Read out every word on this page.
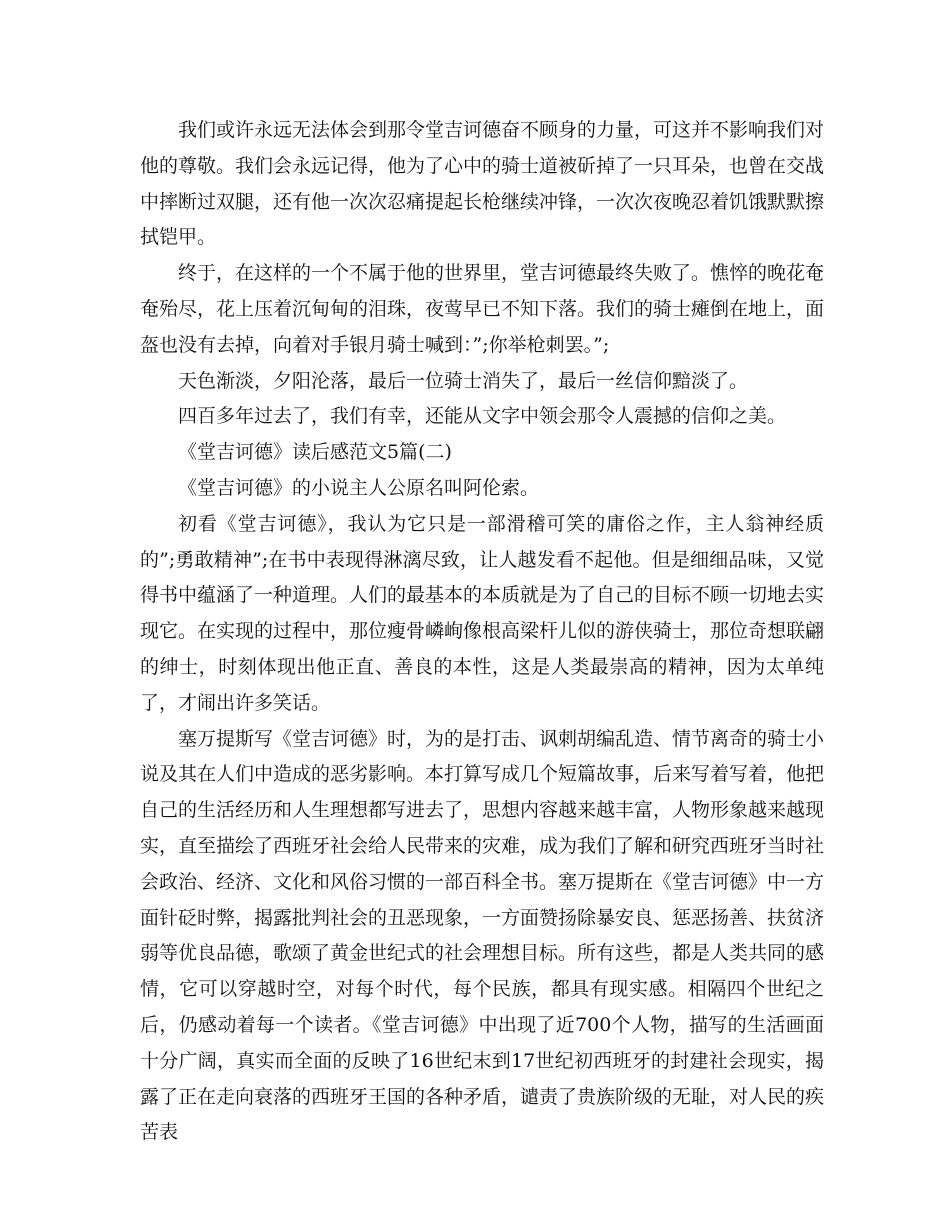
我们或许永远无法体会到那令堂吉诃德奋不顾身的力量，可这并不影响我们对他的尊敬。我们会永远记得，他为了心中的骑士道被斫掉了一只耳朵，也曾在交战中摔断过双腿，还有他一次次忍痛提起长枪继续冲锋，一次次夜晚忍着饥饿默默擦拭铠甲。

终于，在这样的一个不属于他的世界里，堂吉诃德最终失败了。憔悴的晚花奄奄殆尽，花上压着沉甸甸的泪珠，夜莺早已不知下落。我们的骑士瘫倒在地上，面盔也没有去掉，向着对手银月骑士喊到：”;你举枪刺罢。”;

天色渐淡，夕阳沦落，最后一位骑士消失了，最后一丝信仰黯淡了。

四百多年过去了，我们有幸，还能从文字中领会那令人震撼的信仰之美。

《堂吉诃德》读后感范文5篇(二)

《堂吉诃德》的小说主人公原名叫阿伦索。

初看《堂吉诃德》，我认为它只是一部滑稽可笑的庸俗之作，主人翁神经质的”;勇敢精神”;在书中表现得淋漓尽致，让人越发看不起他。但是细细品味，又觉得书中蕴涵了一种道理。人们的最基本的本质就是为了自己的目标不顾一切地去实现它。在实现的过程中，那位瘦骨嶙峋像根高梁杆儿似的游侠骑士，那位奇想联翩的绅士，时刻体现出他正直、善良的本性，这是人类最崇高的精神，因为太单纯了，才闹出许多笑话。

塞万提斯写《堂吉诃德》时，为的是打击、讽刺胡编乱造、情节离奇的骑士小说及其在人们中造成的恶劣影响。本打算写成几个短篇故事，后来写着写着，他把自己的生活经历和人生理想都写进去了，思想内容越来越丰富，人物形象越来越现实，直至描绘了西班牙社会给人民带来的灾难，成为我们了解和研究西班牙当时社会政治、经济、文化和风俗习惯的一部百科全书。塞万提斯在《堂吉诃德》中一方面针砭时弊，揭露批判社会的丑恶现象，一方面赞扬除暴安良、惩恶扬善、扶贫济弱等优良品德，歌颂了黄金世纪式的社会理想目标。所有这些，都是人类共同的感情，它可以穿越时空，对每个时代，每个民族，都具有现实感。相隔四个世纪之后，仍感动着每一个读者。《堂吉诃德》中出现了近700个人物，描写的生活画面十分广阔，真实而全面的反映了16世纪末到17世纪初西班牙的封建社会现实，揭露了正在走向衰落的西班牙王国的各种矛盾，谴责了贵族阶级的无耻，对人民的疾苦表
